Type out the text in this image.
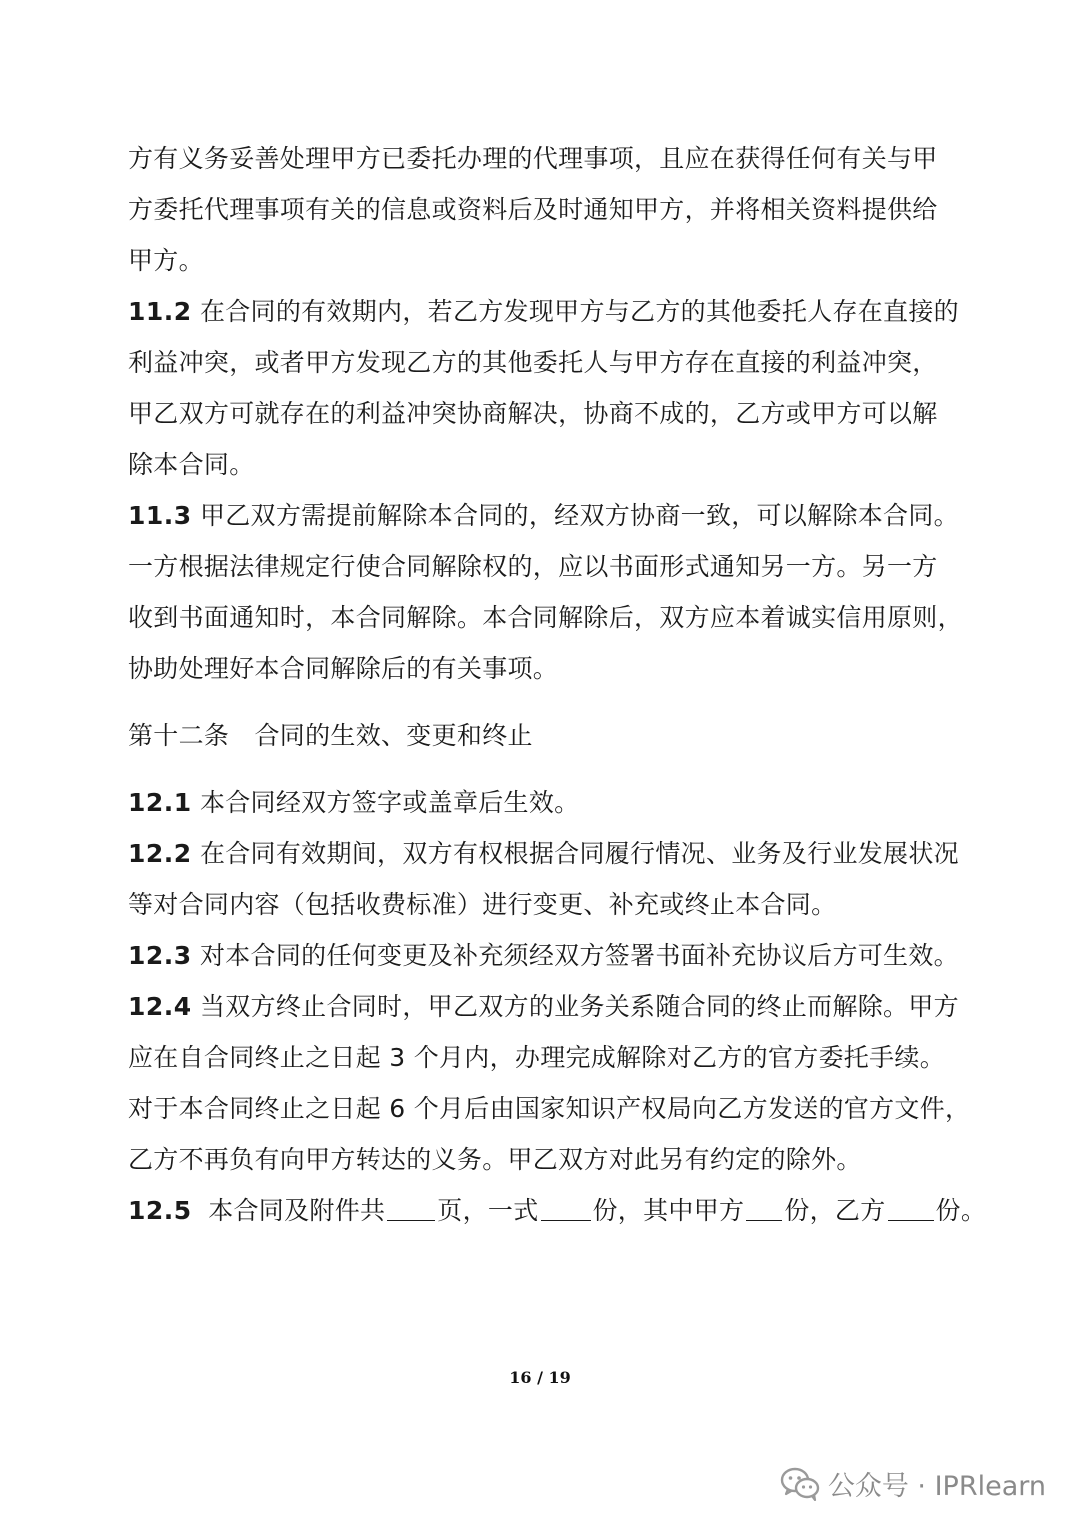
方有义务妥善处理甲方已委托办理的代理事项，且应在获得任何有关与甲
方委托代理事项有关的信息或资料后及时通知甲方，并将相关资料提供给
甲方。
11.2 在合同的有效期内，若乙方发现甲方与乙方的其他委托人存在直接的
利益冲突，或者甲方发现乙方的其他委托人与甲方存在直接的利益冲突，
甲乙双方可就存在的利益冲突协商解决，协商不成的，乙方或甲方可以解
除本合同。
11.3 甲乙双方需提前解除本合同的，经双方协商一致，可以解除本合同。
一方根据法律规定行使合同解除权的，应以书面形式通知另一方。另一方
收到书面通知时，本合同解除。本合同解除后，双方应本着诚实信用原则，
协助处理好本合同解除后的有关事项。
第十二条　合同的生效、变更和终止
12.1 本合同经双方签字或盖章后生效。
12.2 在合同有效期间，双方有权根据合同履行情况、业务及行业发展状况
等对合同内容（包括收费标准）进行变更、补充或终止本合同。
12.3 对本合同的任何变更及补充须经双方签署书面补充协议后方可生效。
12.4 当双方终止合同时，甲乙双方的业务关系随合同的终止而解除。甲方
应在自合同终止之日起 3 个月内，办理完成解除对乙方的官方委托手续。
对于本合同终止之日起 6 个月后由国家知识产权局向乙方发送的官方文件，
乙方不再负有向甲方转达的义务。甲乙双方对此另有约定的除外。
12.5 本合同及附件共 页，一式 份，其中甲方 份，乙方 份。
16 / 19
公众号 · IPRlearn
